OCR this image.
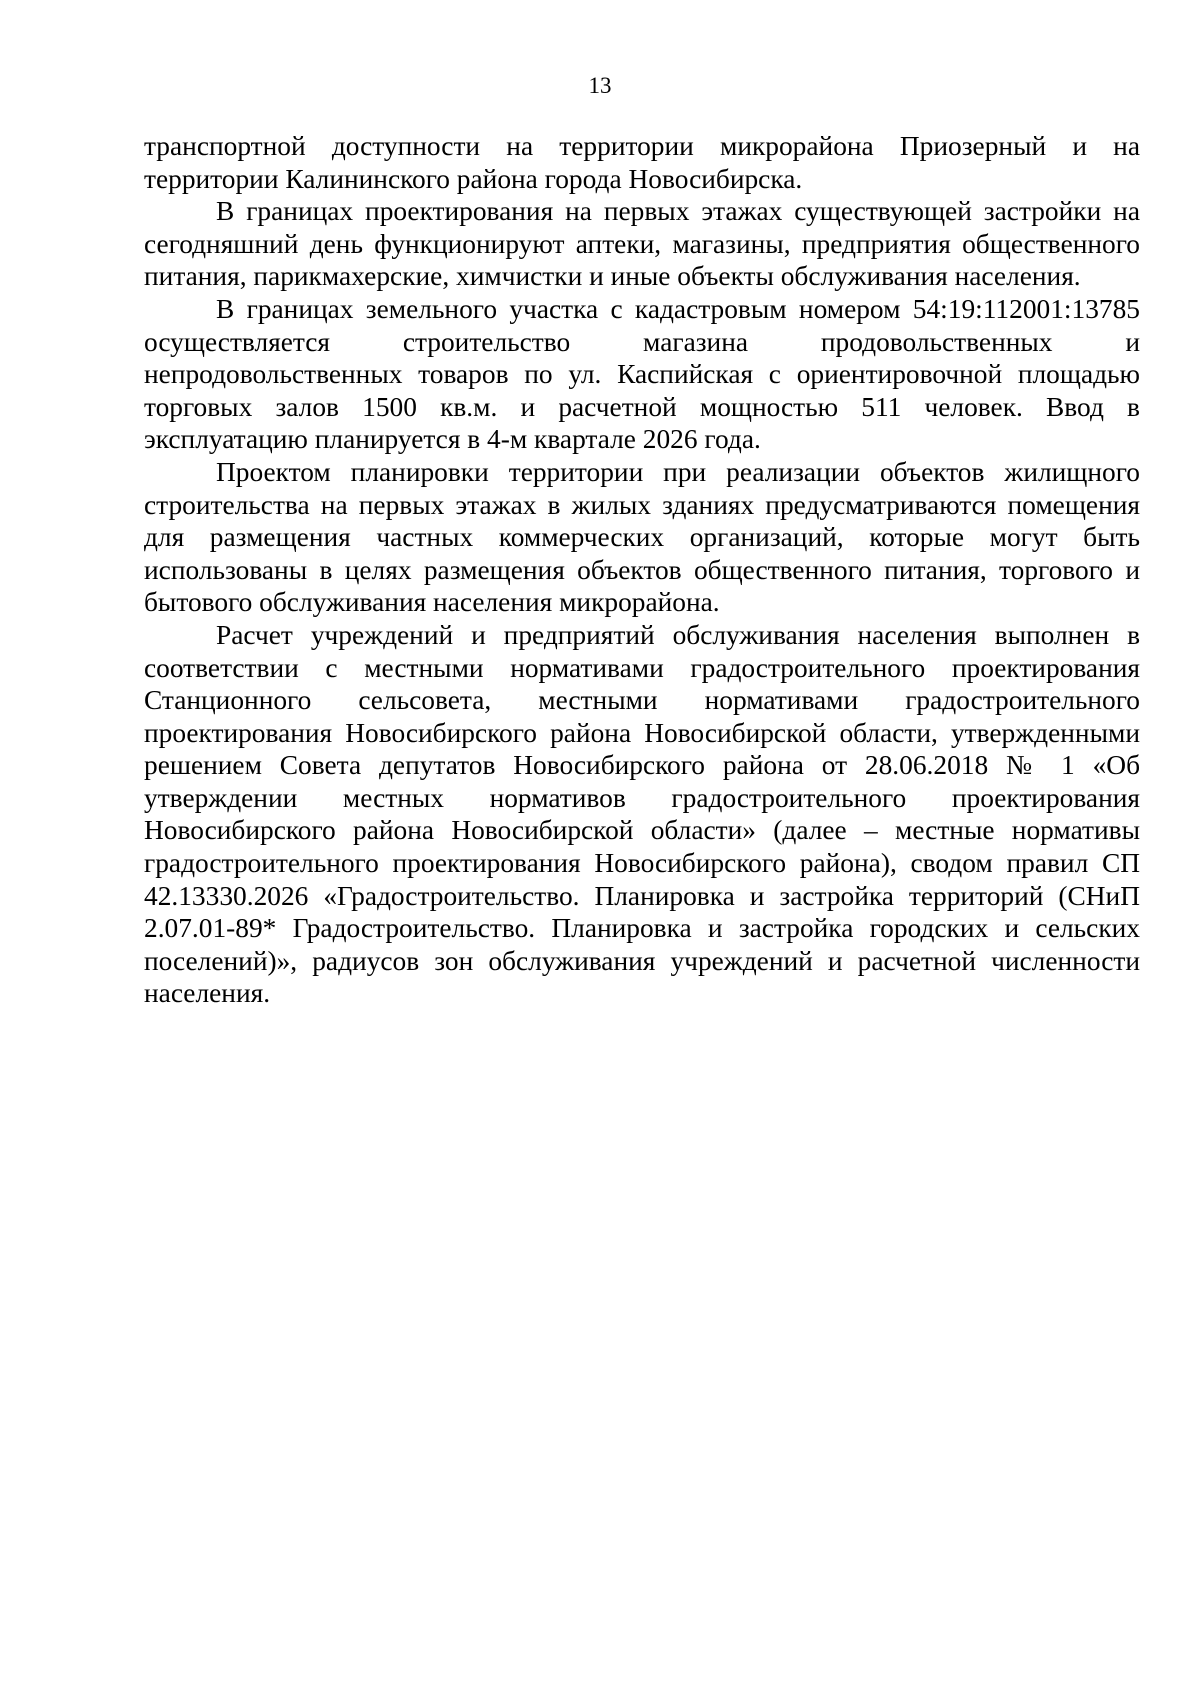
13

транспортной доступности на территории микрорайона Приозерный и на территории Калининского района города Новосибирска.

В границах проектирования на первых этажах существующей застройки на сегодняшний день функционируют аптеки, магазины, предприятия общественного питания, парикмахерские, химчистки и иные объекты обслуживания населения.

В границах земельного участка с кадастровым номером 54:19:112001:13785 осуществляется строительство магазина продовольственных и непродовольственных товаров по ул. Каспийская с ориентировочной площадью торговых залов 1500 кв.м. и расчетной мощностью 511 человек. Ввод в эксплуатацию планируется в 4-м квартале 2026 года.

Проектом планировки территории при реализации объектов жилищного строительства на первых этажах в жилых зданиях предусматриваются помещения для размещения частных коммерческих организаций, которые могут быть использованы в целях размещения объектов общественного питания, торгового и бытового обслуживания населения микрорайона.

Расчет учреждений и предприятий обслуживания населения выполнен в соответствии с местными нормативами градостроительного проектирования Станционного сельсовета, местными нормативами градостроительного проектирования Новосибирского района Новосибирской области, утвержденными решением Совета депутатов Новосибирского района от 28.06.2018 № 1 «Об утверждении местных нормативов градостроительного проектирования Новосибирского района Новосибирской области» (далее – местные нормативы градостроительного проектирования Новосибирского района), сводом правил СП 42.13330.2026 «Градостроительство. Планировка и застройка территорий (СНиП 2.07.01-89* Градостроительство. Планировка и застройка городских и сельских поселений)», радиусов зон обслуживания учреждений и расчетной численности населения.
